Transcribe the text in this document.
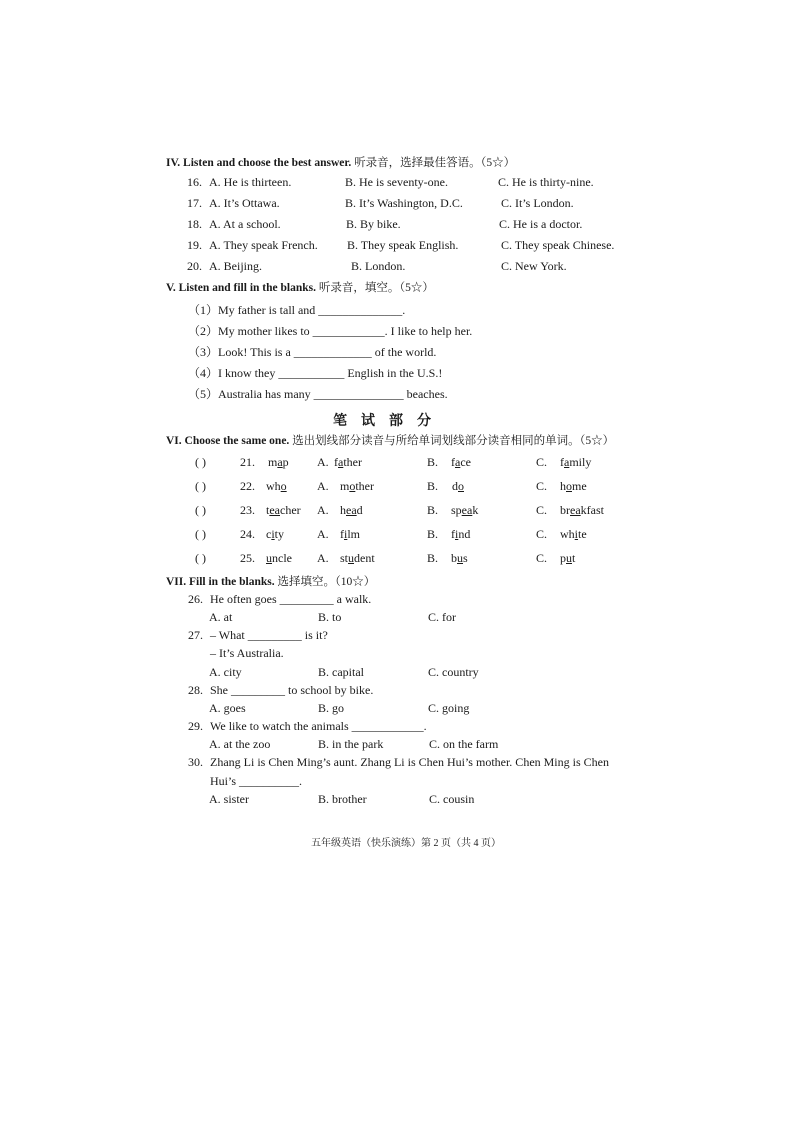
IV. Listen and choose the best answer. 听录音，选择最佳答语。（5☆）
16. A. He is thirteen.	B. He is seventy-one.	C. He is thirty-nine.
17. A. It’s Ottawa.	B. It’s Washington, D.C.	C. It’s London.
18. A. At a school.	B. By bike.	C. He is a doctor.
19. A. They speak French. B. They speak English.	C. They speak Chinese.
20. A. Beijing.	B. London.	C. New York.
V. Listen and fill in the blanks. 听录音，填空。（5☆）
（1）My father is tall and ______________.
（2）My mother likes to ____________. I like to help her.
（3）Look! This is a _____________ of the world.
（4）I know they ___________ English in the U.S.!
（5）Australia has many _______________ beaches.
笔试部分
VI. Choose the same one. 选出划线部分读音与所给单词划线部分读音相同的单词。（5☆）
( )	21. map A. father	B. face	C. family
( )	22. who	A. mother	B. do	C. home
( )	23. teacher A. head	B. speak	C. breakfast
( )	24. city	A. film	B. find	C. white
( )	25. uncle A. student	B. bus	C. put
VII. Fill in the blanks. 选择填空。（10☆）
26. He often goes _________ a walk.
A. at	B. to	C. for
27. – What _________ is it?
– It’s Australia.
A. city	B. capital	C. country
28. She _________ to school by bike.
A. goes	B. go	C. going
29. We like to watch the animals ____________.
A. at the zoo	B. in the park	C. on the farm
30. Zhang Li is Chen Ming’s aunt. Zhang Li is Chen Hui’s mother. Chen Ming is Chen
Hui’s __________.
A. sister	B. brother	C. cousin
五年级英语（快乐演练）第 2 页（共 4 页）
